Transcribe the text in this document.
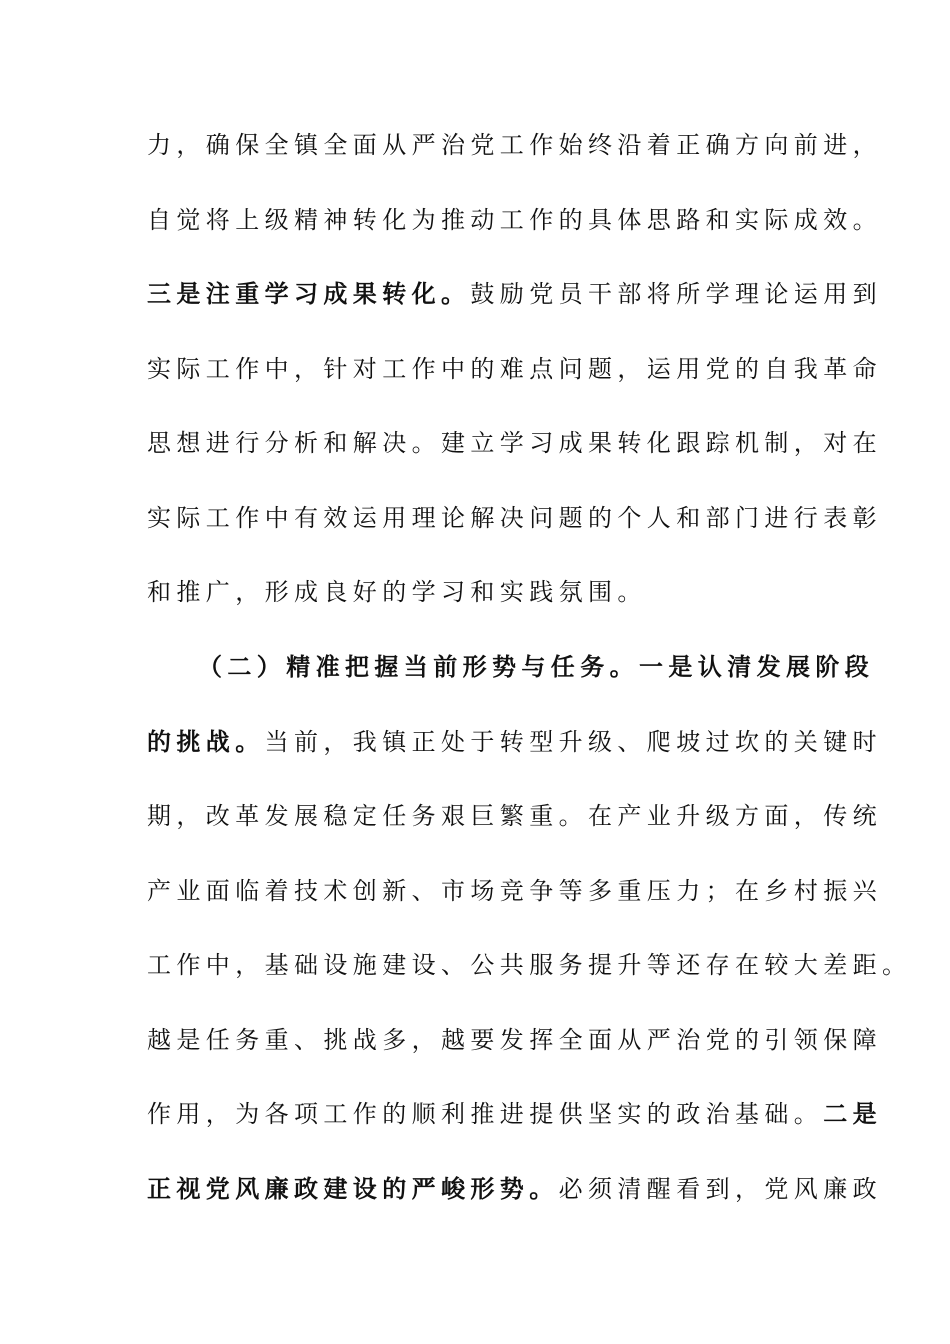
力，确保全镇全面从严治党工作始终沿着正确方向前进，
自觉将上级精神转化为推动工作的具体思路和实际成效。
三是注重学习成果转化。鼓励党员干部将所学理论运用到
实际工作中，针对工作中的难点问题，运用党的自我革命
思想进行分析和解决。建立学习成果转化跟踪机制，对在
实际工作中有效运用理论解决问题的个人和部门进行表彰
和推广，形成良好的学习和实践氛围。
（二）精准把握当前形势与任务。一是认清发展阶段
的挑战。当前，我镇正处于转型升级、爬坡过坎的关键时
期，改革发展稳定任务艰巨繁重。在产业升级方面，传统
产业面临着技术创新、市场竞争等多重压力；在乡村振兴
工作中，基础设施建设、公共服务提升等还存在较大差距。
越是任务重、挑战多，越要发挥全面从严治党的引领保障
作用，为各项工作的顺利推进提供坚实的政治基础。二是
正视党风廉政建设的严峻形势。必须清醒看到，党风廉政
